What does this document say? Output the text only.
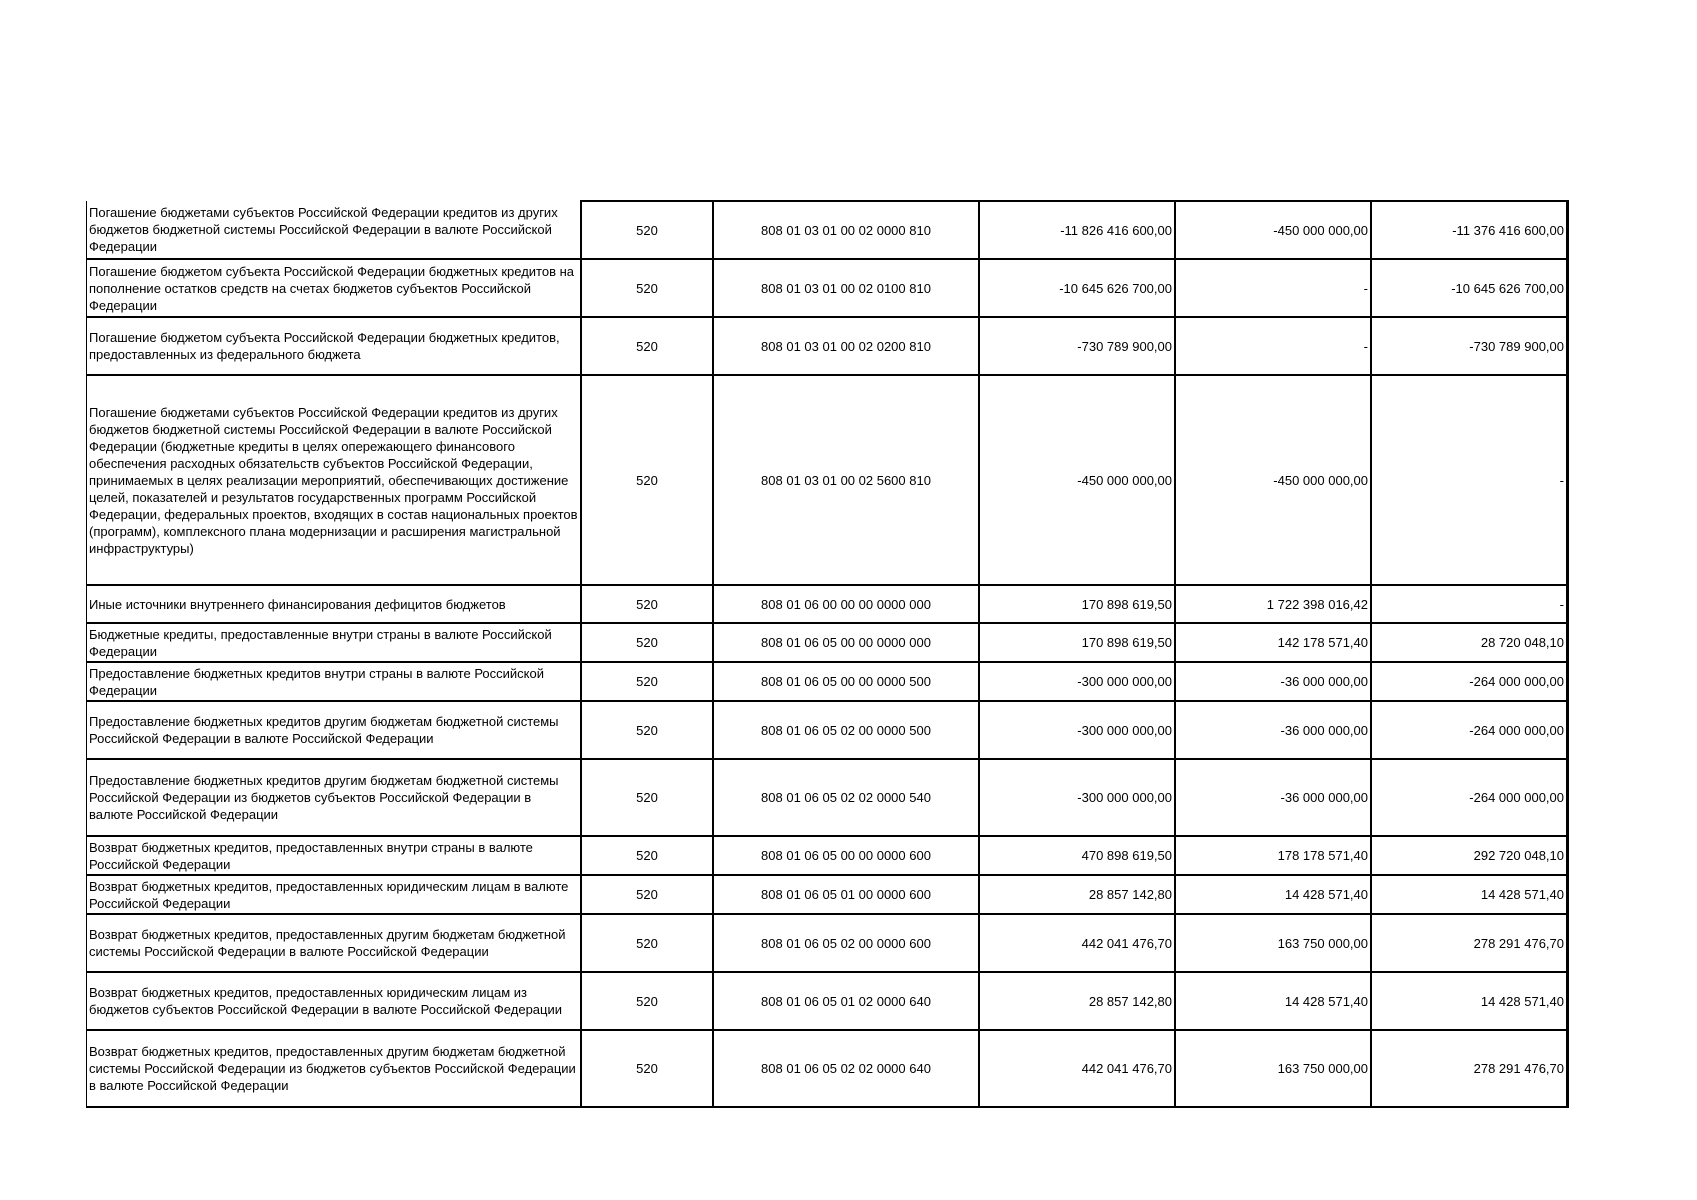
Погашение бюджетами субъектов Российской Федерации кредитов из других бюджетов бюджетной системы Российской Федерации в валюте Российской Федерации	520	808 01 03 01 00 02 0000 810	-11 826 416 600,00	-450 000 000,00	-11 376 416 600,00

Погашение бюджетом субъекта Российской Федерации бюджетных кредитов на пополнение остатков средств на счетах бюджетов субъектов Российской Федерации	520	808 01 03 01 00 02 0100 810	-10 645 626 700,00	-	-10 645 626 700,00

Погашение бюджетом субъекта Российской Федерации бюджетных кредитов, предоставленных из федерального бюджета	520	808 01 03 01 00 02 0200 810	-730 789 900,00	-	-730 789 900,00

Погашение бюджетами субъектов Российской Федерации кредитов из других бюджетов бюджетной системы Российской Федерации в валюте Российской Федерации (бюджетные кредиты в целях опережающего финансового обеспечения расходных обязательств субъектов Российской Федерации, принимаемых в целях реализации мероприятий, обеспечивающих достижение целей, показателей и результатов государственных программ Российской Федерации, федеральных проектов, входящих в состав национальных проектов (программ), комплексного плана модернизации и расширения магистральной инфраструктуры)	520	808 01 03 01 00 02 5600 810	-450 000 000,00	-450 000 000,00	-

Иные источники внутреннего финансирования дефицитов бюджетов	520	808 01 06 00 00 00 0000 000	170 898 619,50	1 722 398 016,42	-

Бюджетные кредиты, предоставленные внутри страны в валюте Российской Федерации	520	808 01 06 05 00 00 0000 000	170 898 619,50	142 178 571,40	28 720 048,10

Предоставление бюджетных кредитов внутри страны в валюте Российской Федерации	520	808 01 06 05 00 00 0000 500	-300 000 000,00	-36 000 000,00	-264 000 000,00

Предоставление бюджетных кредитов другим бюджетам бюджетной системы Российской Федерации в валюте Российской Федерации	520	808 01 06 05 02 00 0000 500	-300 000 000,00	-36 000 000,00	-264 000 000,00

Предоставление бюджетных кредитов другим бюджетам бюджетной системы Российской Федерации из бюджетов субъектов Российской Федерации в валюте Российской Федерации	520	808 01 06 05 02 02 0000 540	-300 000 000,00	-36 000 000,00	-264 000 000,00

Возврат бюджетных кредитов, предоставленных внутри страны в валюте Российской Федерации	520	808 01 06 05 00 00 0000 600	470 898 619,50	178 178 571,40	292 720 048,10

Возврат бюджетных кредитов, предоставленных юридическим лицам в валюте Российской Федерации	520	808 01 06 05 01 00 0000 600	28 857 142,80	14 428 571,40	14 428 571,40

Возврат бюджетных кредитов, предоставленных другим бюджетам бюджетной системы Российской Федерации в валюте Российской Федерации	520	808 01 06 05 02 00 0000 600	442 041 476,70	163 750 000,00	278 291 476,70

Возврат бюджетных кредитов, предоставленных юридическим лицам из бюджетов субъектов Российской Федерации в валюте Российской Федерации	520	808 01 06 05 01 02 0000 640	28 857 142,80	14 428 571,40	14 428 571,40

Возврат бюджетных кредитов, предоставленных другим бюджетам бюджетной системы Российской Федерации из бюджетов субъектов Российской Федерации в валюте Российской Федерации	520	808 01 06 05 02 02 0000 640	442 041 476,70	163 750 000,00	278 291 476,70
